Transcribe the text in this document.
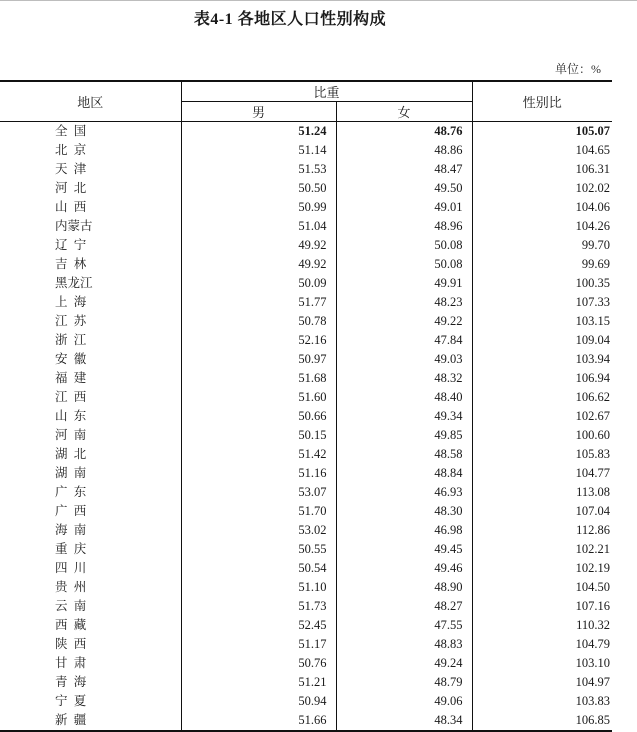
表4-1 各地区人口性别构成
单位：%
地区	比重		性别比
	男	女	
全  国	51.24	48.76	105.07
北  京	51.14	48.86	104.65
天  津	51.53	48.47	106.31
河  北	50.50	49.50	102.02
山  西	50.99	49.01	104.06
内蒙古	51.04	48.96	104.26
辽  宁	49.92	50.08	99.70
吉  林	49.92	50.08	99.69
黑龙江	50.09	49.91	100.35
上  海	51.77	48.23	107.33
江  苏	50.78	49.22	103.15
浙  江	52.16	47.84	109.04
安  徽	50.97	49.03	103.94
福  建	51.68	48.32	106.94
江  西	51.60	48.40	106.62
山  东	50.66	49.34	102.67
河  南	50.15	49.85	100.60
湖  北	51.42	48.58	105.83
湖  南	51.16	48.84	104.77
广  东	53.07	46.93	113.08
广  西	51.70	48.30	107.04
海  南	53.02	46.98	112.86
重  庆	50.55	49.45	102.21
四  川	50.54	49.46	102.19
贵  州	51.10	48.90	104.50
云  南	51.73	48.27	107.16
西  藏	52.45	47.55	110.32
陕  西	51.17	48.83	104.79
甘  肃	50.76	49.24	103.10
青  海	51.21	48.79	104.97
宁  夏	50.94	49.06	103.83
新  疆	51.66	48.34	106.85
